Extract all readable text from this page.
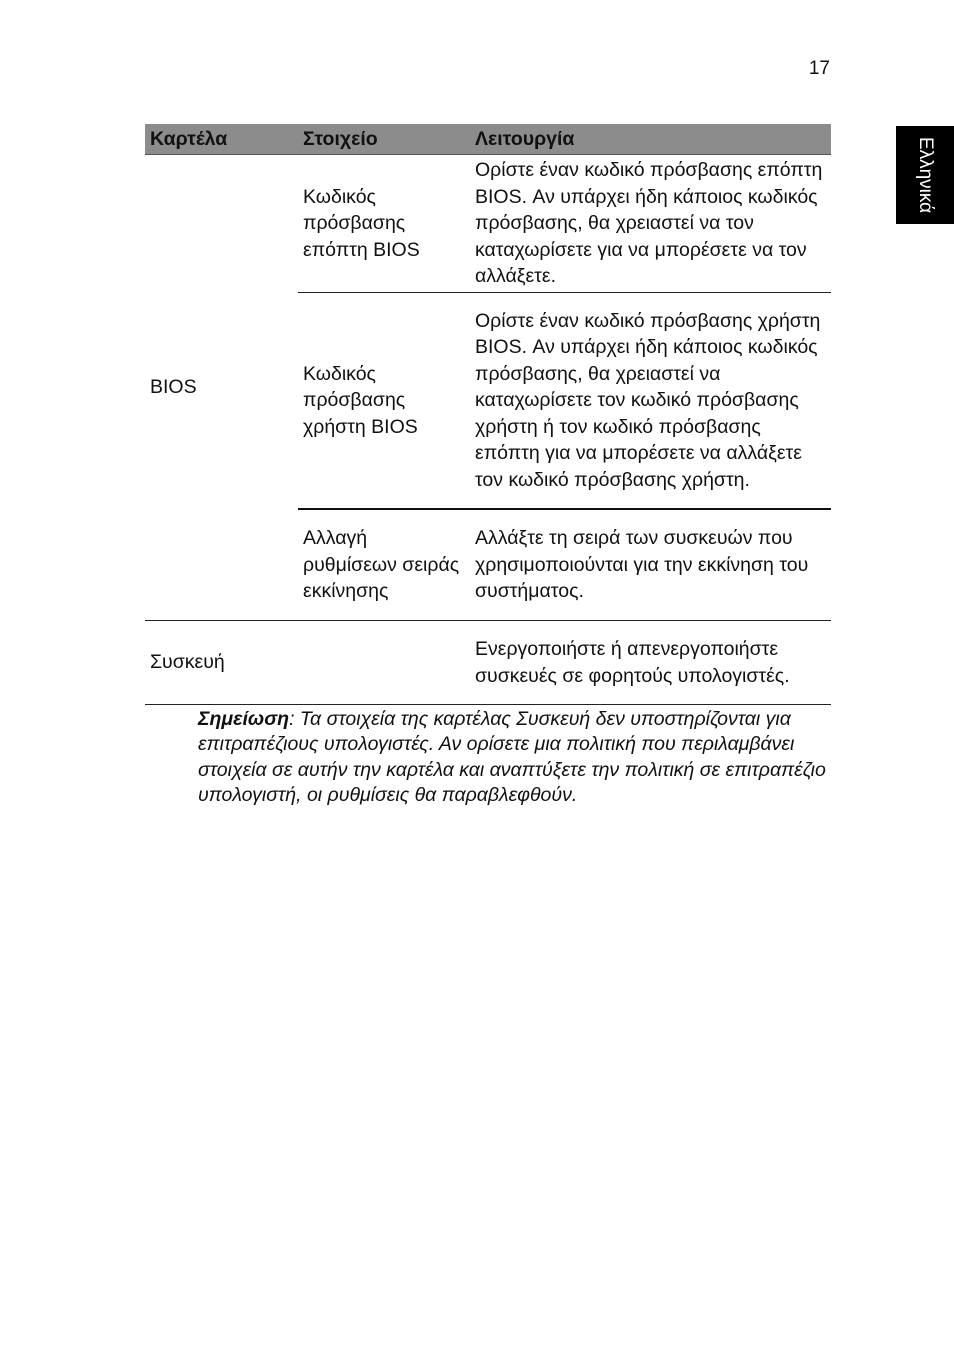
17
Ελληνικά
Καρτέλα	Στοιχείο	Λειτουργία
BIOS	Κωδικός πρόσβασης επόπτη BIOS	Ορίστε έναν κωδικό πρόσβασης επόπτη BIOS. Αν υπάρχει ήδη κάποιος κωδικός πρόσβασης, θα χρειαστεί να τον καταχωρίσετε για να μπορέσετε να τον αλλάξετε.
	Κωδικός πρόσβασης χρήστη BIOS	Ορίστε έναν κωδικό πρόσβασης χρήστη BIOS. Αν υπάρχει ήδη κάποιος κωδικός πρόσβασης, θα χρειαστεί να καταχωρίσετε τον κωδικό πρόσβασης χρήστη ή τον κωδικό πρόσβασης επόπτη για να μπορέσετε να αλλάξετε τον κωδικό πρόσβασης χρήστη.
	Αλλαγή ρυθμίσεων σειράς εκκίνησης	Αλλάξτε τη σειρά των συσκευών που χρησιμοποιούνται για την εκκίνηση του συστήματος.
Συσκευή		Ενεργοποιήστε ή απενεργοποιήστε συσκευές σε φορητούς υπολογιστές.
Σημείωση: Τα στοιχεία της καρτέλας Συσκευή δεν υποστηρίζονται για επιτραπέζιους υπολογιστές. Αν ορίσετε μια πολιτική που περιλαμβάνει στοιχεία σε αυτήν την καρτέλα και αναπτύξετε την πολιτική σε επιτραπέζιο υπολογιστή, οι ρυθμίσεις θα παραβλεφθούν.
